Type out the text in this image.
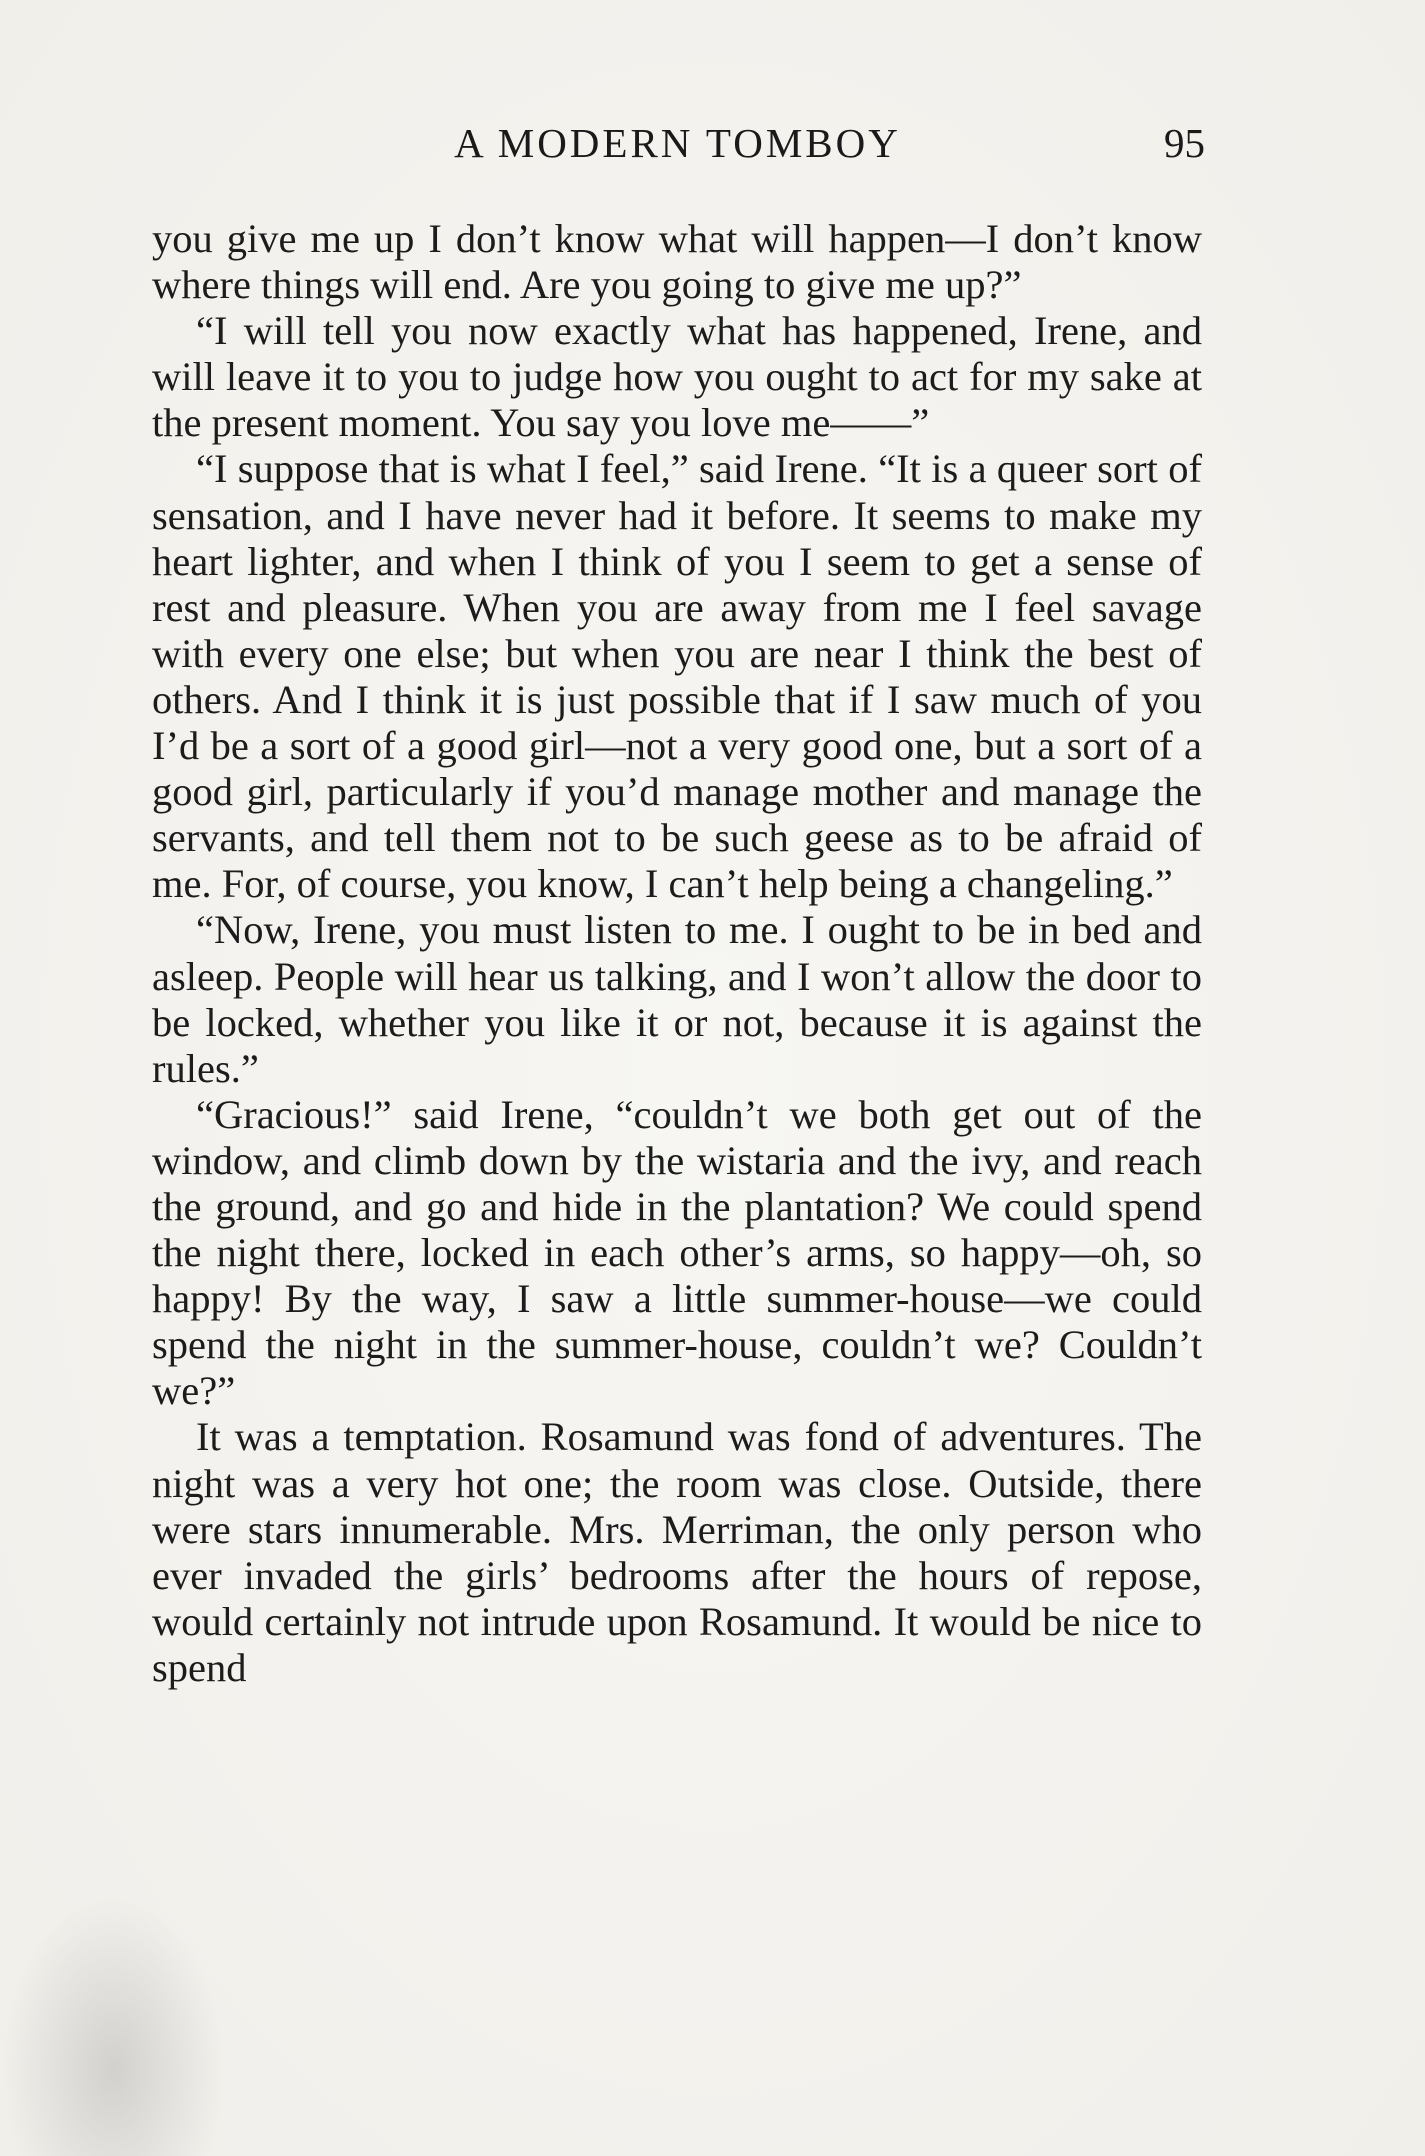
A MODERN TOMBOY	95

you give me up I don’t know what will happen—I don’t know where things will end. Are you going to give me up?”

“I will tell you now exactly what has happened, Irene, and will leave it to you to judge how you ought to act for my sake at the present moment. You say you love me——”

“I suppose that is what I feel,” said Irene. “It is a queer sort of sensation, and I have never had it before. It seems to make my heart lighter, and when I think of you I seem to get a sense of rest and pleasure. When you are away from me I feel savage with every one else; but when you are near I think the best of others. And I think it is just possible that if I saw much of you I’d be a sort of a good girl—not a very good one, but a sort of a good girl, particularly if you’d manage mother and manage the servants, and tell them not to be such geese as to be afraid of me. For, of course, you know, I can’t help being a changeling.”

“Now, Irene, you must listen to me. I ought to be in bed and asleep. People will hear us talking, and I won’t allow the door to be locked, whether you like it or not, because it is against the rules.”

“Gracious!” said Irene, “couldn’t we both get out of the window, and climb down by the wistaria and the ivy, and reach the ground, and go and hide in the plantation? We could spend the night there, locked in each other’s arms, so happy—oh, so happy! By the way, I saw a little summer-house—we could spend the night in the summer-house, couldn’t we? Couldn’t we?”

It was a temptation. Rosamund was fond of adventures. The night was a very hot one; the room was close. Outside, there were stars innumerable. Mrs. Merriman, the only person who ever invaded the girls’ bedrooms after the hours of repose, would certainly not intrude upon Rosamund. It would be nice to spend
